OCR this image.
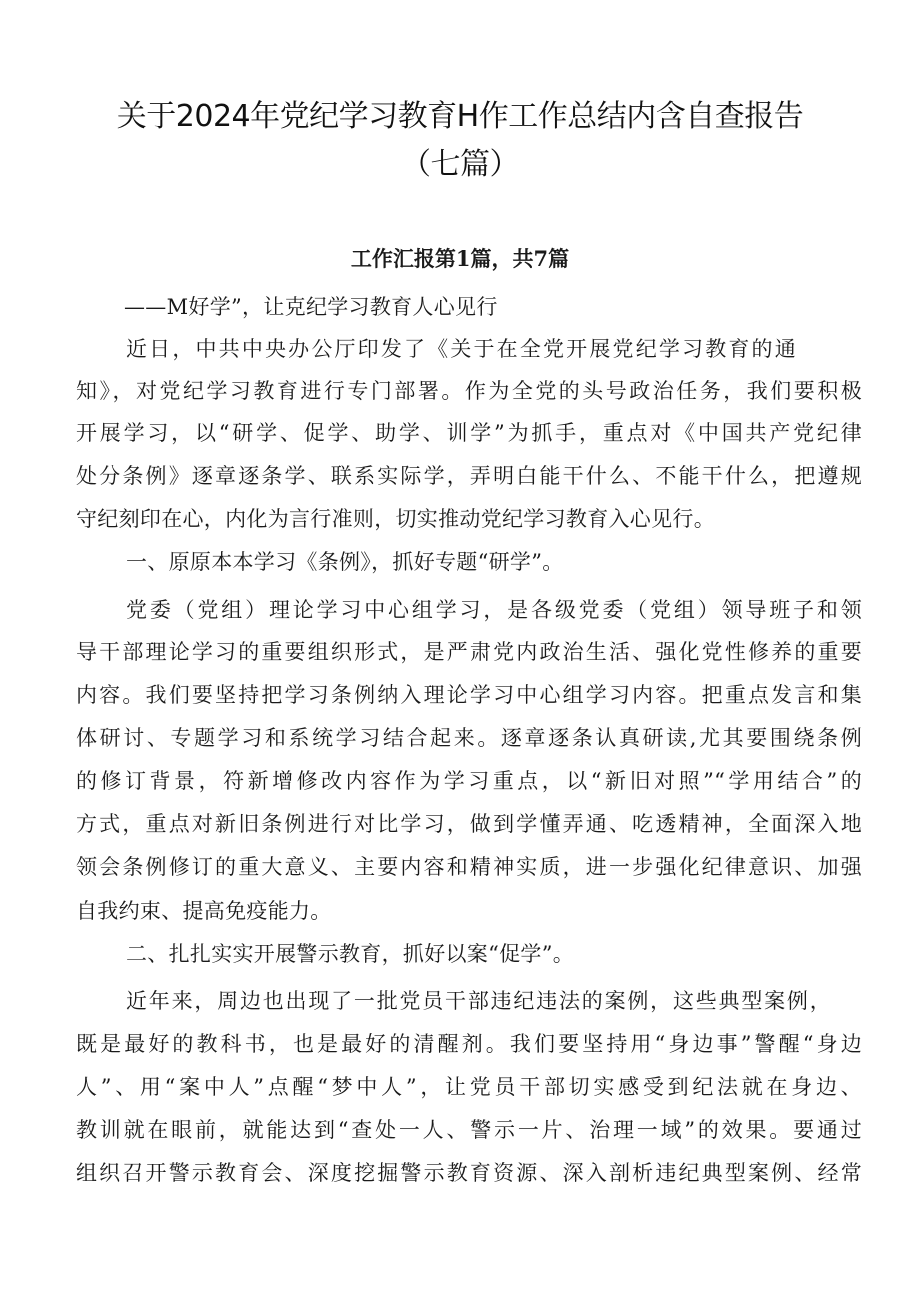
关于2024年党纪学习教育H作工作总结内含自查报告
（七篇）
工作汇报第1篇，共7篇
——M好学”，让克纪学习教育人心见行
近日，中共中央办公厅印发了《关于在全党开展党纪学习教育的通
知》，对党纪学习教育进行专门部署。作为全党的头号政治任务，我们要积极
开展学习，以“研学、促学、助学、训学”为抓手，重点对《中国共产党纪律
处分条例》逐章逐条学、联系实际学，弄明白能干什么、不能干什么，把遵规
守纪刻印在心，内化为言行准则，切实推动党纪学习教育入心见行。
一、原原本本学习《条例》，抓好专题“研学”。
党委（党组）理论学习中心组学习，是各级党委（党组）领导班子和领
导干部理论学习的重要组织形式，是严肃党内政治生活、强化党性修养的重要
内容。我们要坚持把学习条例纳入理论学习中心组学习内容。把重点发言和集
体研讨、专题学习和系统学习结合起来。逐章逐条认真研读,尤其要围绕条例
的修订背景，符新增修改内容作为学习重点，以“新旧对照”“学用结合”的
方式，重点对新旧条例进行对比学习，做到学懂弄通、吃透精神，全面深入地
领会条例修订的重大意义、主要内容和精神实质，进一步强化纪律意识、加强
自我约束、提高免疫能力。
二、扎扎实实开展警示教育，抓好以案“促学”。
近年来，周边也出现了一批党员干部违纪违法的案例，这些典型案例，
既是最好的教科书，也是最好的清醒剂。我们要坚持用“身边事”警醒“身边
人”、用“案中人”点醒“梦中人”，让党员干部切实感受到纪法就在身边、
教训就在眼前，就能达到“查处一人、警示一片、治理一域”的效果。要通过
组织召开警示教育会、深度挖掘警示教育资源、深入剖析违纪典型案例、经常
